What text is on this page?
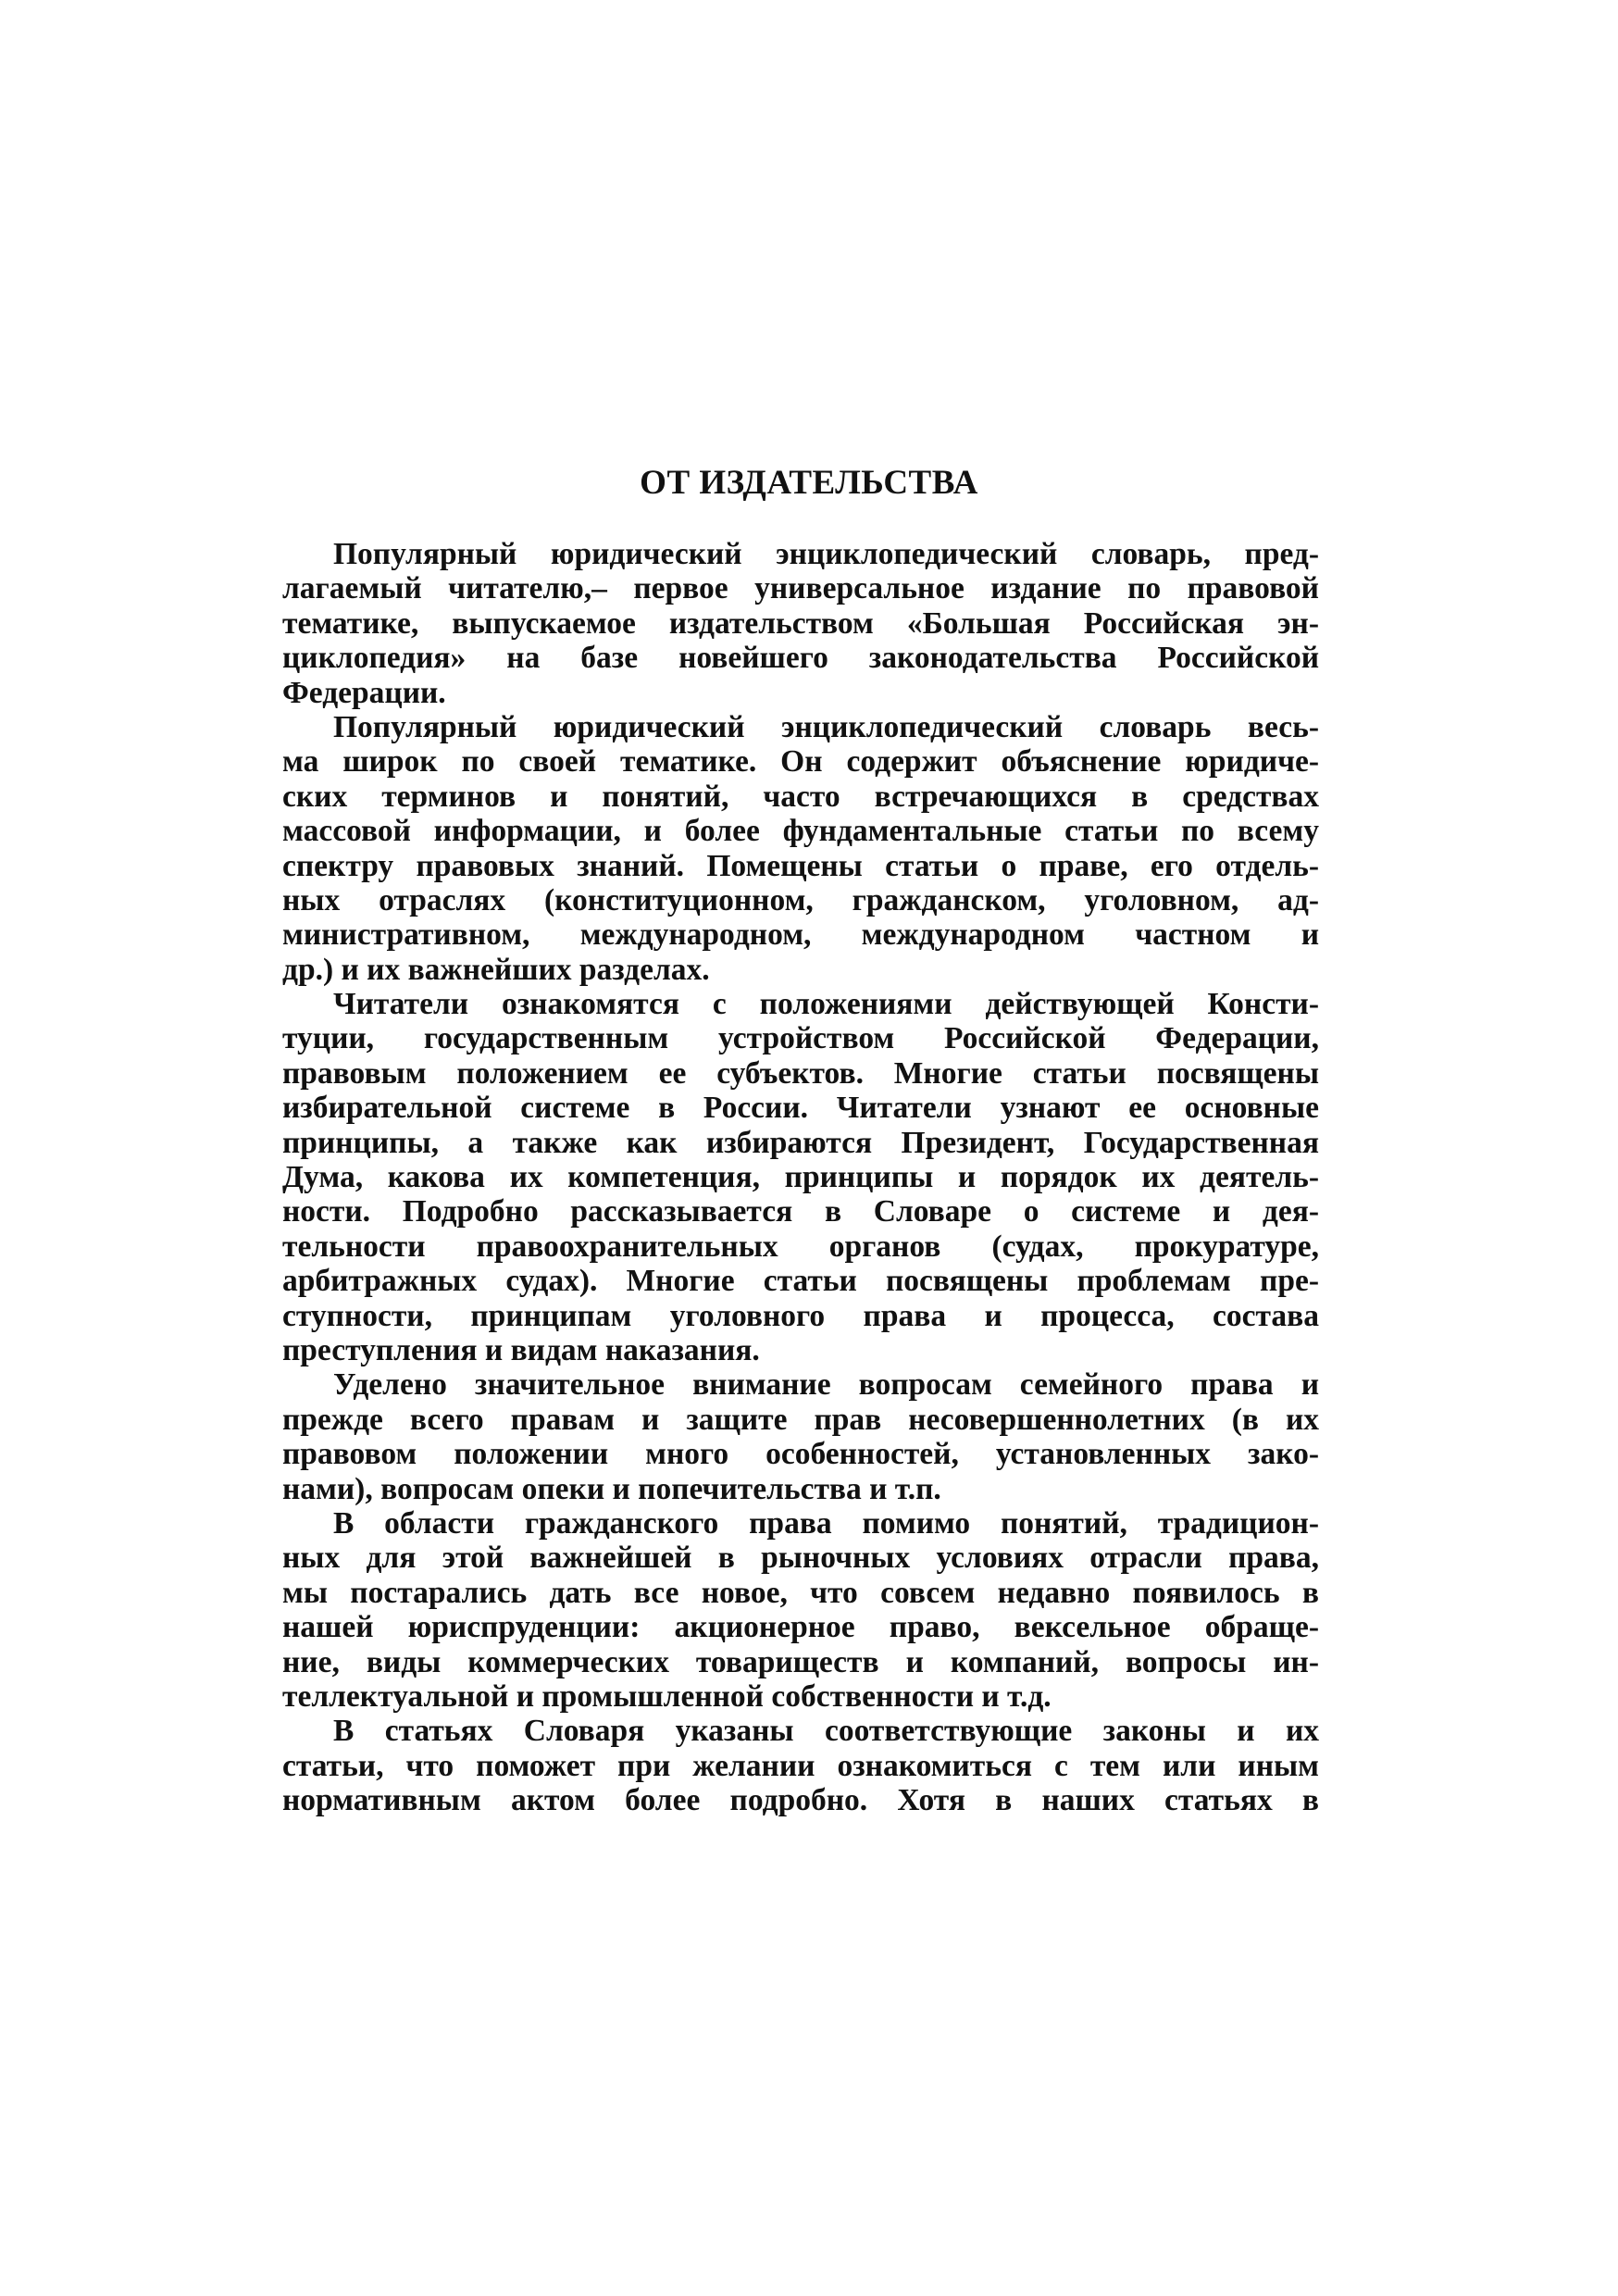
ОТ ИЗДАТЕЛЬСТВА
Популярный юридический энциклопедический словарь, пред-
лагаемый читателю,– первое универсальное издание по правовой
тематике, выпускаемое издательством «Большая Российская эн-
циклопедия» на базе новейшего законодательства Российской
Федерации.
Популярный юридический энциклопедический словарь весь-
ма широк по своей тематике. Он содержит объяснение юридиче-
ских терминов и понятий, часто встречающихся в средствах
массовой информации, и более фундаментальные статьи по всему
спектру правовых знаний. Помещены статьи о праве, его отдель-
ных отраслях (конституционном, гражданском, уголовном, ад-
министративном, международном, международном частном и
др.) и их важнейших разделах.
Читатели ознакомятся с положениями действующей Консти-
туции, государственным устройством Российской Федерации,
правовым положением ее субъектов. Многие статьи посвящены
избирательной системе в России. Читатели узнают ее основные
принципы, а также как избираются Президент, Государственная
Дума, какова их компетенция, принципы и порядок их деятель-
ности. Подробно рассказывается в Словаре о системе и дея-
тельности правоохранительных органов (судах, прокуратуре,
арбитражных судах). Многие статьи посвящены проблемам пре-
ступности, принципам уголовного права и процесса, состава
преступления и видам наказания.
Уделено значительное внимание вопросам семейного права и
прежде всего правам и защите прав несовершеннолетних (в их
правовом положении много особенностей, установленных зако-
нами), вопросам опеки и попечительства и т.п.
В области гражданского права помимо понятий, традицион-
ных для этой важнейшей в рыночных условиях отрасли права,
мы постарались дать все новое, что совсем недавно появилось в
нашей юриспруденции: акционерное право, вексельное обраще-
ние, виды коммерческих товариществ и компаний, вопросы ин-
теллектуальной и промышленной собственности и т.д.
В статьях Словаря указаны соответствующие законы и их
статьи, что поможет при желании ознакомиться с тем или иным
нормативным актом более подробно. Хотя в наших статьях в
